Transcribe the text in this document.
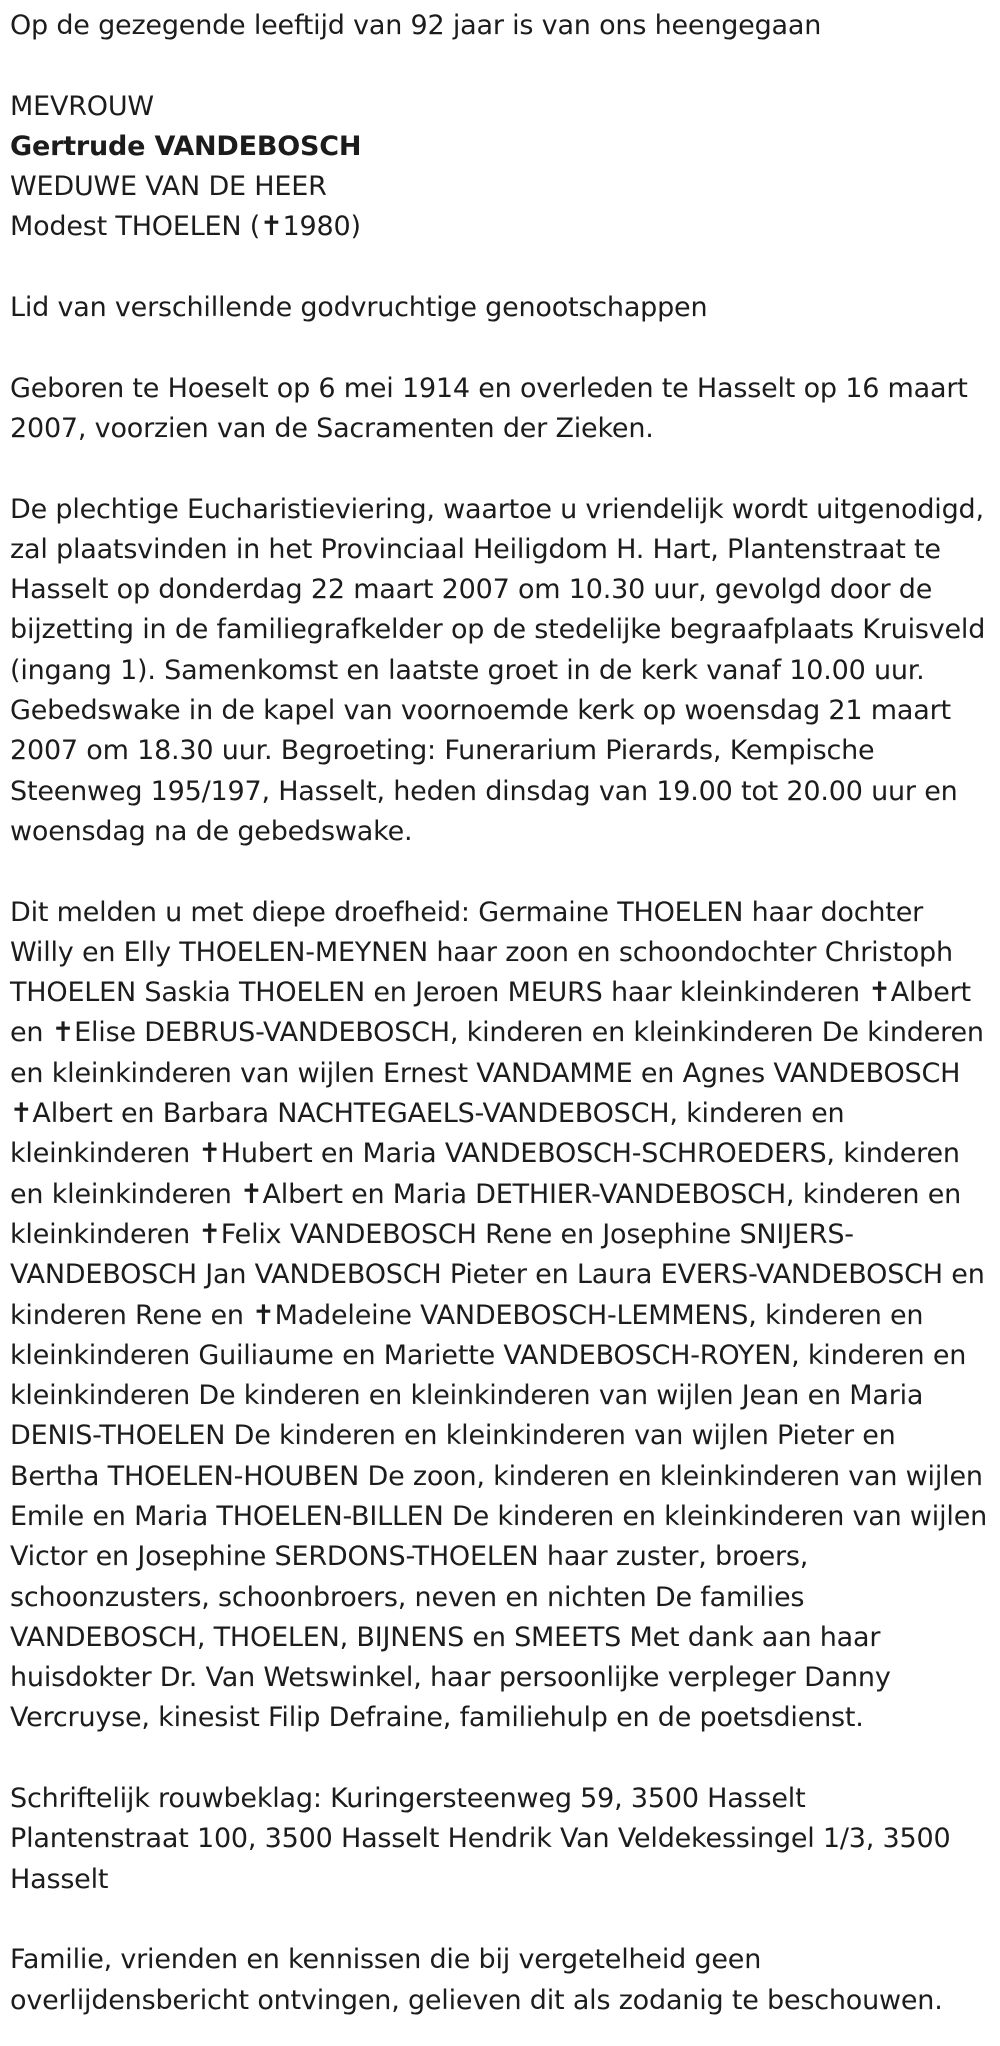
Op de gezegende leeftijd van 92 jaar is van ons heengegaan

MEVROUW

Gertrude VANDEBOSCH

WEDUWE VAN DE HEER

Modest THOELEN (✝1980)

Lid van verschillende godvruchtige genootschappen

Geboren te Hoeselt op 6 mei 1914 en overleden te Hasselt op 16 maart 2007, voorzien van de Sacramenten der Zieken.

De plechtige Eucharistieviering, waartoe u vriendelijk wordt uitgenodigd, zal plaatsvinden in het Provinciaal Heiligdom H. Hart, Plantenstraat te Hasselt op donderdag 22 maart 2007 om 10.30 uur, gevolgd door de bijzetting in de familiegrafkelder op de stedelijke begraafplaats Kruisveld (ingang 1). Samenkomst en laatste groet in de kerk vanaf 10.00 uur. Gebedswake in de kapel van voornoemde kerk op woensdag 21 maart 2007 om 18.30 uur. Begroeting: Funerarium Pierards, Kempische Steenweg 195/197, Hasselt, heden dinsdag van 19.00 tot 20.00 uur en woensdag na de gebedswake.

Dit melden u met diepe droefheid: Germaine THOELEN haar dochter Willy en Elly THOELEN-MEYNEN haar zoon en schoondochter Christoph THOELEN Saskia THOELEN en Jeroen MEURS haar kleinkinderen ✝Albert en ✝Elise DEBRUS-VANDEBOSCH, kinderen en kleinkinderen De kinderen en kleinkinderen van wijlen Ernest VANDAMME en Agnes VANDEBOSCH ✝Albert en Barbara NACHTEGAELS-VANDEBOSCH, kinderen en kleinkinderen ✝Hubert en Maria VANDEBOSCH-SCHROEDERS, kinderen en kleinkinderen ✝Albert en Maria DETHIER-VANDEBOSCH, kinderen en kleinkinderen ✝Felix VANDEBOSCH Rene en Josephine SNIJERS-VANDEBOSCH Jan VANDEBOSCH Pieter en Laura EVERS-VANDEBOSCH en kinderen Rene en ✝Madeleine VANDEBOSCH-LEMMENS, kinderen en kleinkinderen Guiliaume en Mariette VANDEBOSCH-ROYEN, kinderen en kleinkinderen De kinderen en kleinkinderen van wijlen Jean en Maria DENIS-THOELEN De kinderen en kleinkinderen van wijlen Pieter en Bertha THOELEN-HOUBEN De zoon, kinderen en kleinkinderen van wijlen Emile en Maria THOELEN-BILLEN De kinderen en kleinkinderen van wijlen Victor en Josephine SERDONS-THOELEN haar zuster, broers, schoonzusters, schoonbroers, neven en nichten De families VANDEBOSCH, THOELEN, BIJNENS en SMEETS Met dank aan haar huisdokter Dr. Van Wetswinkel, haar persoonlijke verpleger Danny Vercruyse, kinesist Filip Defraine, familiehulp en de poetsdienst.

Schriftelijk rouwbeklag: Kuringersteenweg 59, 3500 Hasselt Plantenstraat 100, 3500 Hasselt Hendrik Van Veldekessingel 1/3, 3500 Hasselt

Familie, vrienden en kennissen die bij vergetelheid geen overlijdensbericht ontvingen, gelieven dit als zodanig te beschouwen.
